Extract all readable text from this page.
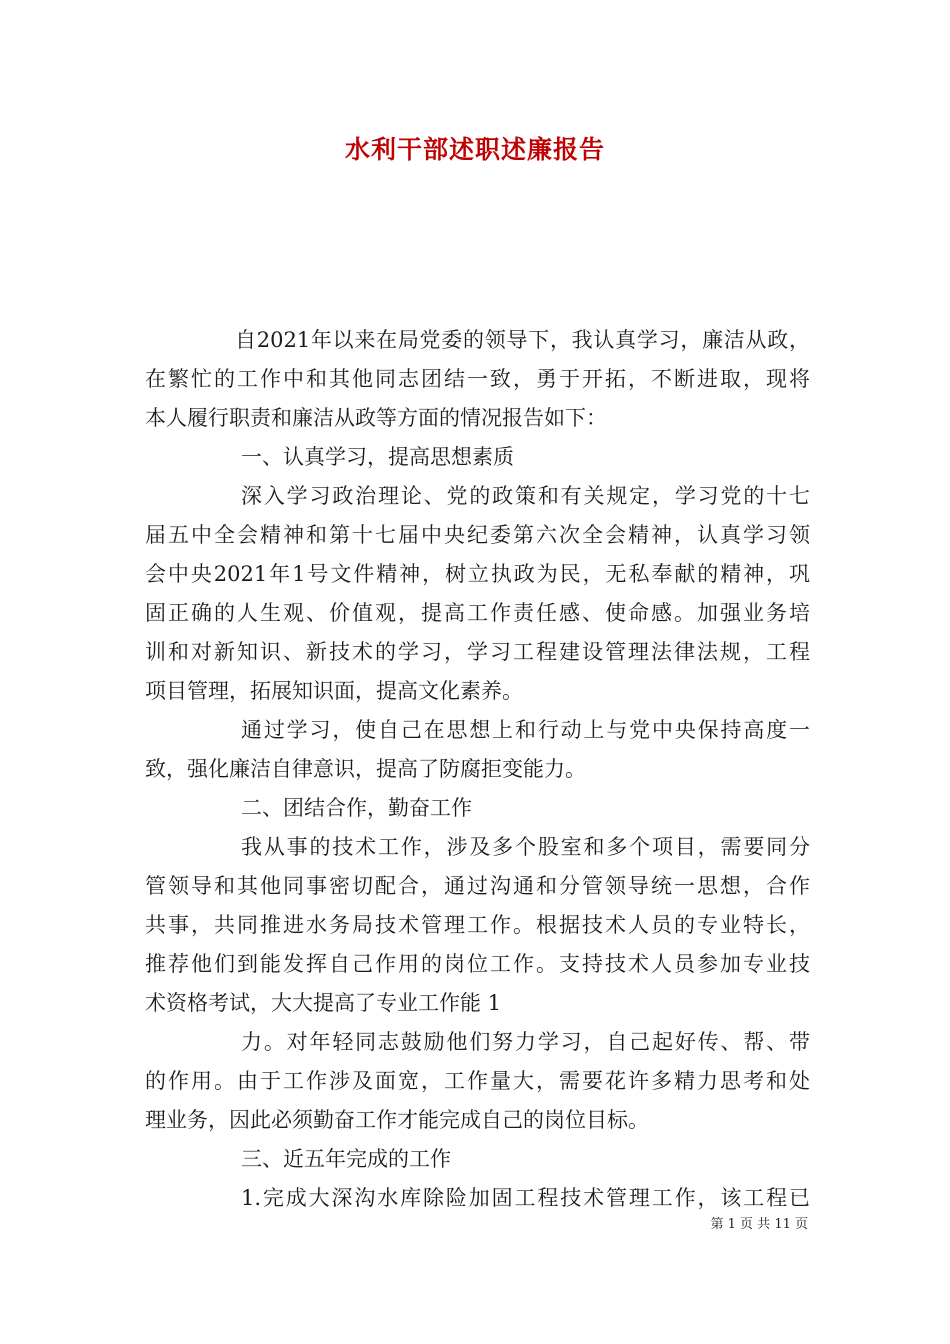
水利干部述职述廉报告
自2021年以来在局党委的领导下，我认真学习，廉洁从政，
在繁忙的工作中和其他同志团结一致，勇于开拓，不断进取，现将
本人履行职责和廉洁从政等方面的情况报告如下：
一、认真学习，提高思想素质
深入学习政治理论、党的政策和有关规定，学习党的十七
届五中全会精神和第十七届中央纪委第六次全会精神，认真学习领
会中央2021年1号文件精神，树立执政为民，无私奉献的精神，巩
固正确的人生观、价值观，提高工作责任感、使命感。加强业务培
训和对新知识、新技术的学习，学习工程建设管理法律法规，工程
项目管理，拓展知识面，提高文化素养。
通过学习，使自己在思想上和行动上与党中央保持高度一
致，强化廉洁自律意识，提高了防腐拒变能力。
二、团结合作，勤奋工作
我从事的技术工作，涉及多个股室和多个项目，需要同分
管领导和其他同事密切配合，通过沟通和分管领导统一思想，合作
共事，共同推进水务局技术管理工作。根据技术人员的专业特长，
推荐他们到能发挥自己作用的岗位工作。支持技术人员参加专业技
术资格考试，大大提高了专业工作能 1
力。对年轻同志鼓励他们努力学习，自己起好传、帮、带
的作用。由于工作涉及面宽，工作量大，需要花许多精力思考和处
理业务，因此必须勤奋工作才能完成自己的岗位目标。
三、近五年完成的工作
1.完成大深沟水库除险加固工程技术管理工作，该工程已
第 1 页 共 11 页
